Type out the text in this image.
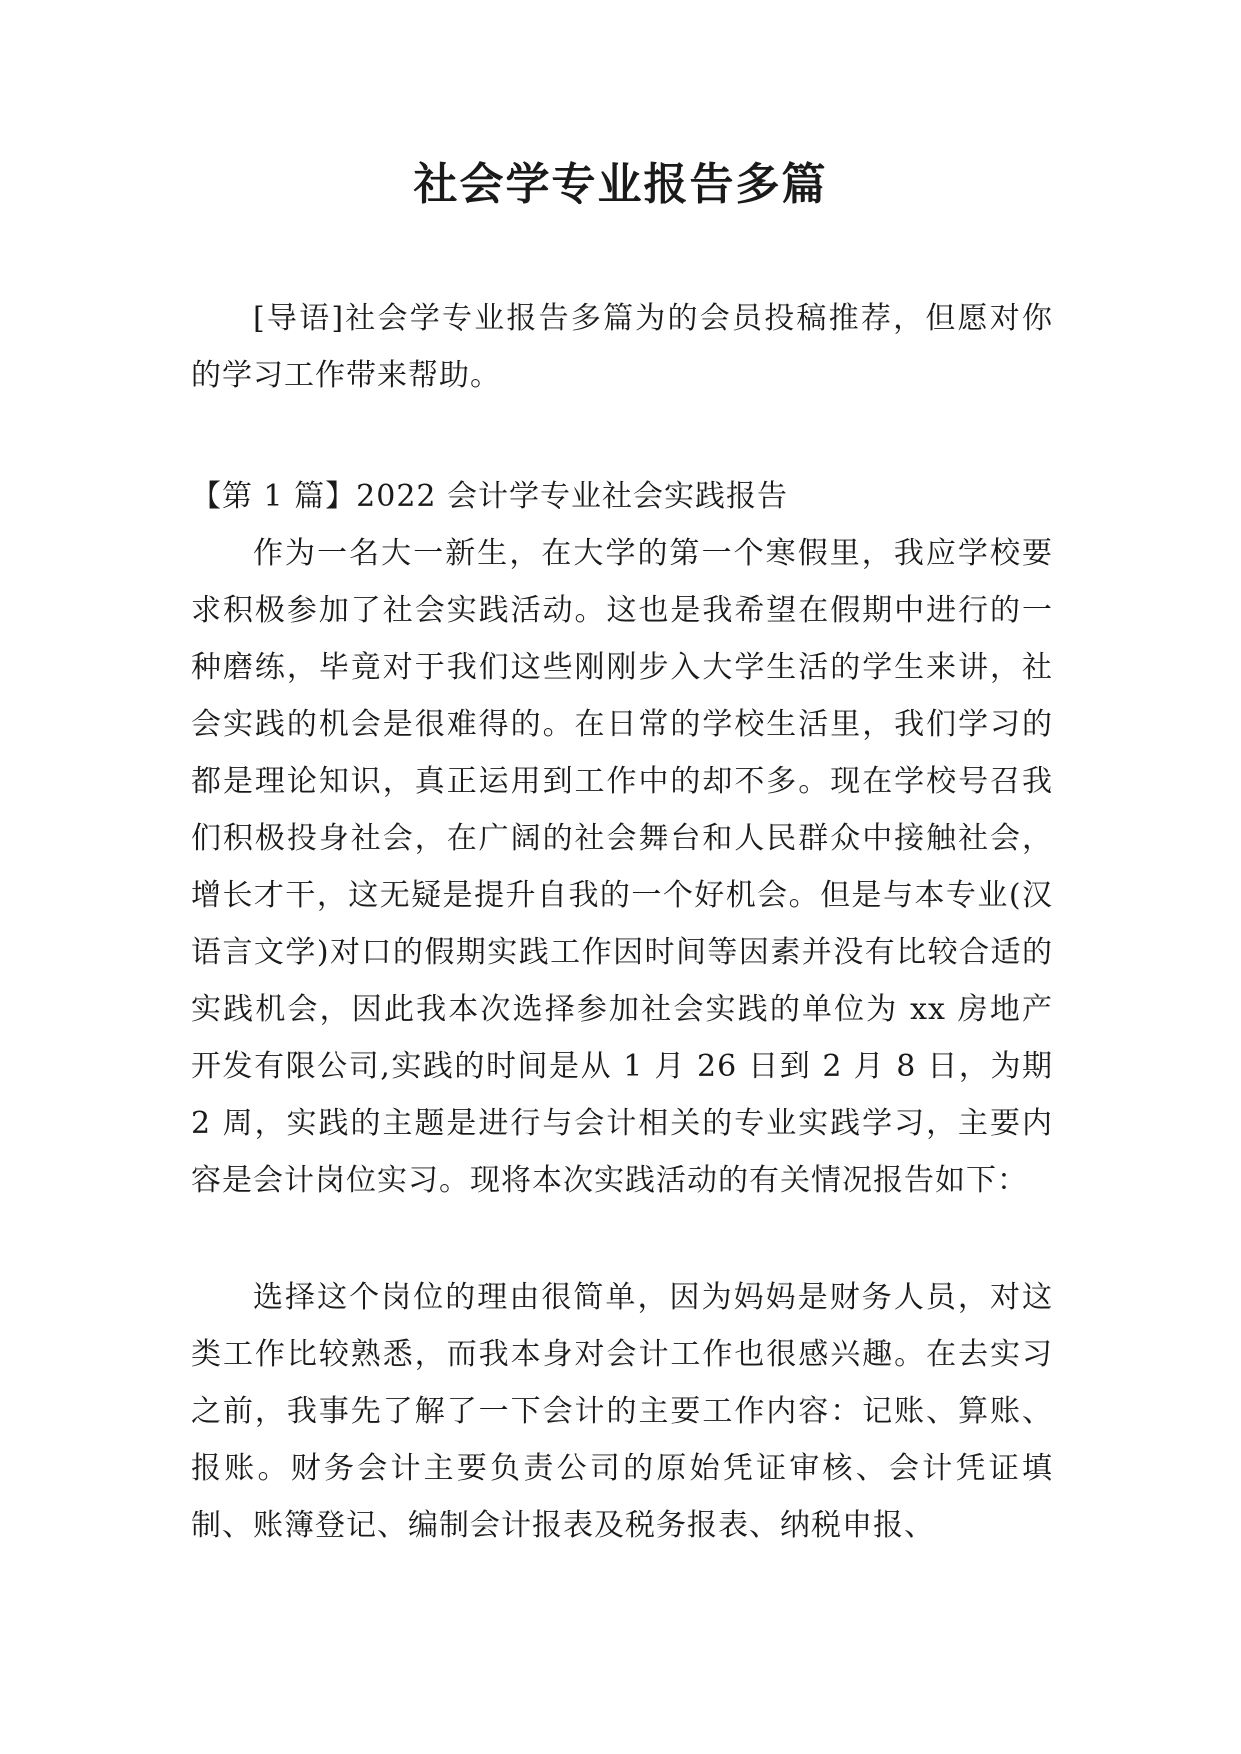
社会学专业报告多篇

[导语]社会学专业报告多篇为的会员投稿推荐，但愿对你的学习工作带来帮助。

【第 1 篇】2022 会计学专业社会实践报告

作为一名大一新生，在大学的第一个寒假里，我应学校要求积极参加了社会实践活动。这也是我希望在假期中进行的一种磨练，毕竟对于我们这些刚刚步入大学生活的学生来讲，社会实践的机会是很难得的。在日常的学校生活里，我们学习的都是理论知识，真正运用到工作中的却不多。现在学校号召我们积极投身社会，在广阔的社会舞台和人民群众中接触社会，增长才干，这无疑是提升自我的一个好机会。但是与本专业(汉语言文学)对口的假期实践工作因时间等因素并没有比较合适的实践机会，因此我本次选择参加社会实践的单位为 xx 房地产开发有限公司,实践的时间是从 1 月 26 日到 2 月 8 日，为期 2 周，实践的主题是进行与会计相关的专业实践学习，主要内容是会计岗位实习。现将本次实践活动的有关情况报告如下：

选择这个岗位的理由很简单，因为妈妈是财务人员，对这类工作比较熟悉，而我本身对会计工作也很感兴趣。在去实习之前，我事先了解了一下会计的主要工作内容：记账、算账、报账。财务会计主要负责公司的原始凭证审核、会计凭证填制、账簿登记、编制会计报表及税务报表、纳税申报、
